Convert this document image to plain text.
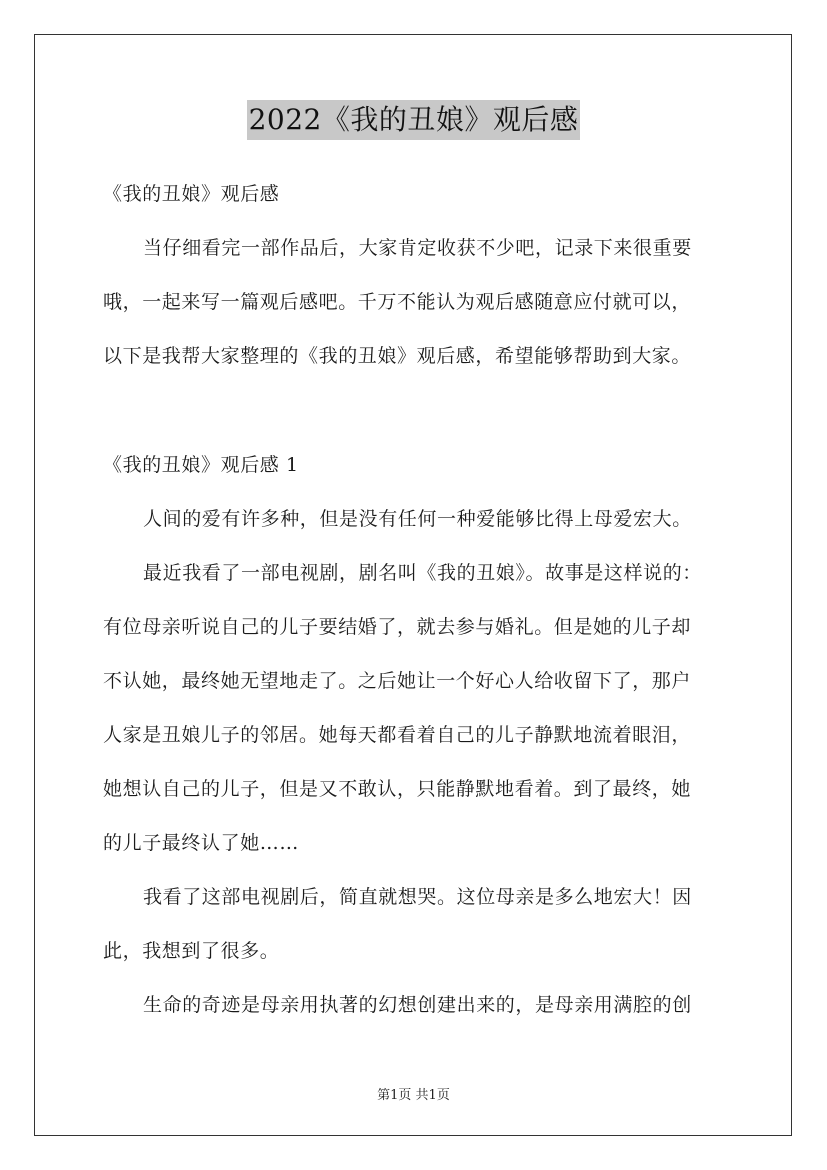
2022《我的丑娘》观后感
《我的丑娘》观后感
当仔细看完一部作品后，大家肯定收获不少吧，记录下来很重要
哦，一起来写一篇观后感吧。千万不能认为观后感随意应付就可以，
以下是我帮大家整理的《我的丑娘》观后感，希望能够帮助到大家。
《我的丑娘》观后感 1
人间的爱有许多种，但是没有任何一种爱能够比得上母爱宏大。
最近我看了一部电视剧，剧名叫《我的丑娘》。故事是这样说的：
有位母亲听说自己的儿子要结婚了，就去参与婚礼。但是她的儿子却
不认她，最终她无望地走了。之后她让一个好心人给收留下了，那户
人家是丑娘儿子的邻居。她每天都看着自己的儿子静默地流着眼泪，
她想认自己的儿子，但是又不敢认，只能静默地看着。到了最终，她
的儿子最终认了她……
我看了这部电视剧后，简直就想哭。这位母亲是多么地宏大！因
此，我想到了很多。
生命的奇迹是母亲用执著的幻想创建出来的，是母亲用满腔的创
第1页 共1页
